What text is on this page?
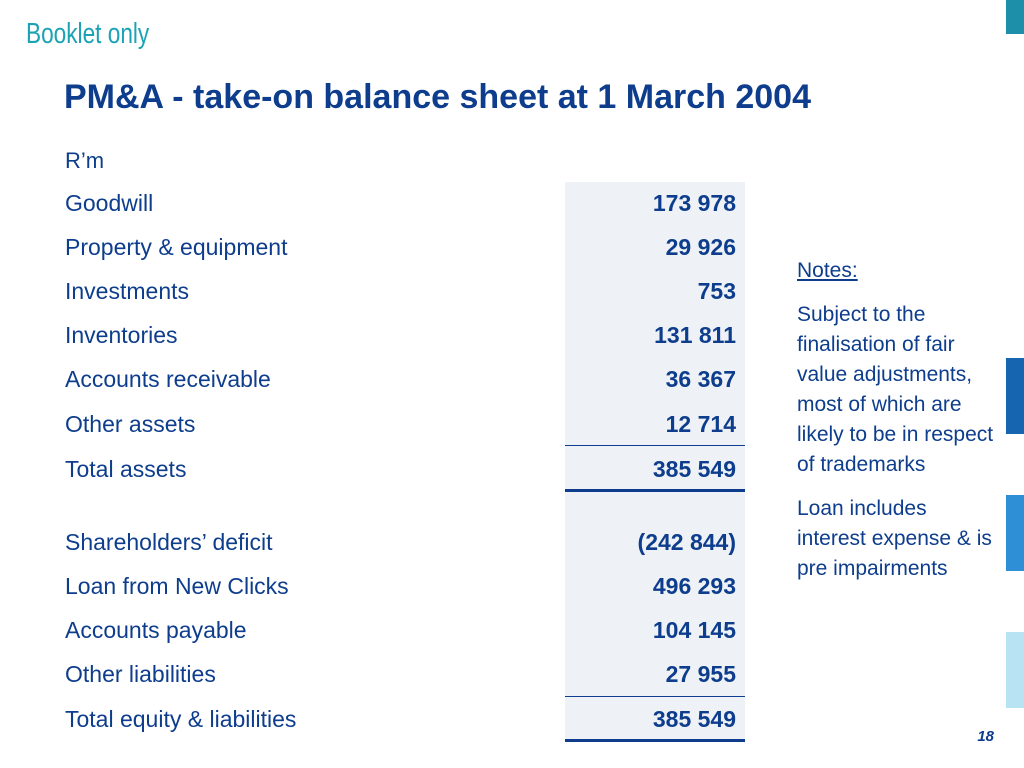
Booklet only
PM&A - take-on balance sheet at 1 March 2004
R’m
Goodwill	173 978
Property & equipment	29 926
Investments	753
Inventories	131 811
Accounts receivable	36 367
Other assets	12 714
Total assets	385 549
Shareholders’ deficit	(242 844)
Loan from New Clicks	496 293
Accounts payable	104 145
Other liabilities	27 955
Total equity & liabilities	385 549
Notes:

Subject to the finalisation of fair value adjustments, most of which are likely to be in respect of trademarks

Loan includes interest expense & is pre impairments

18
